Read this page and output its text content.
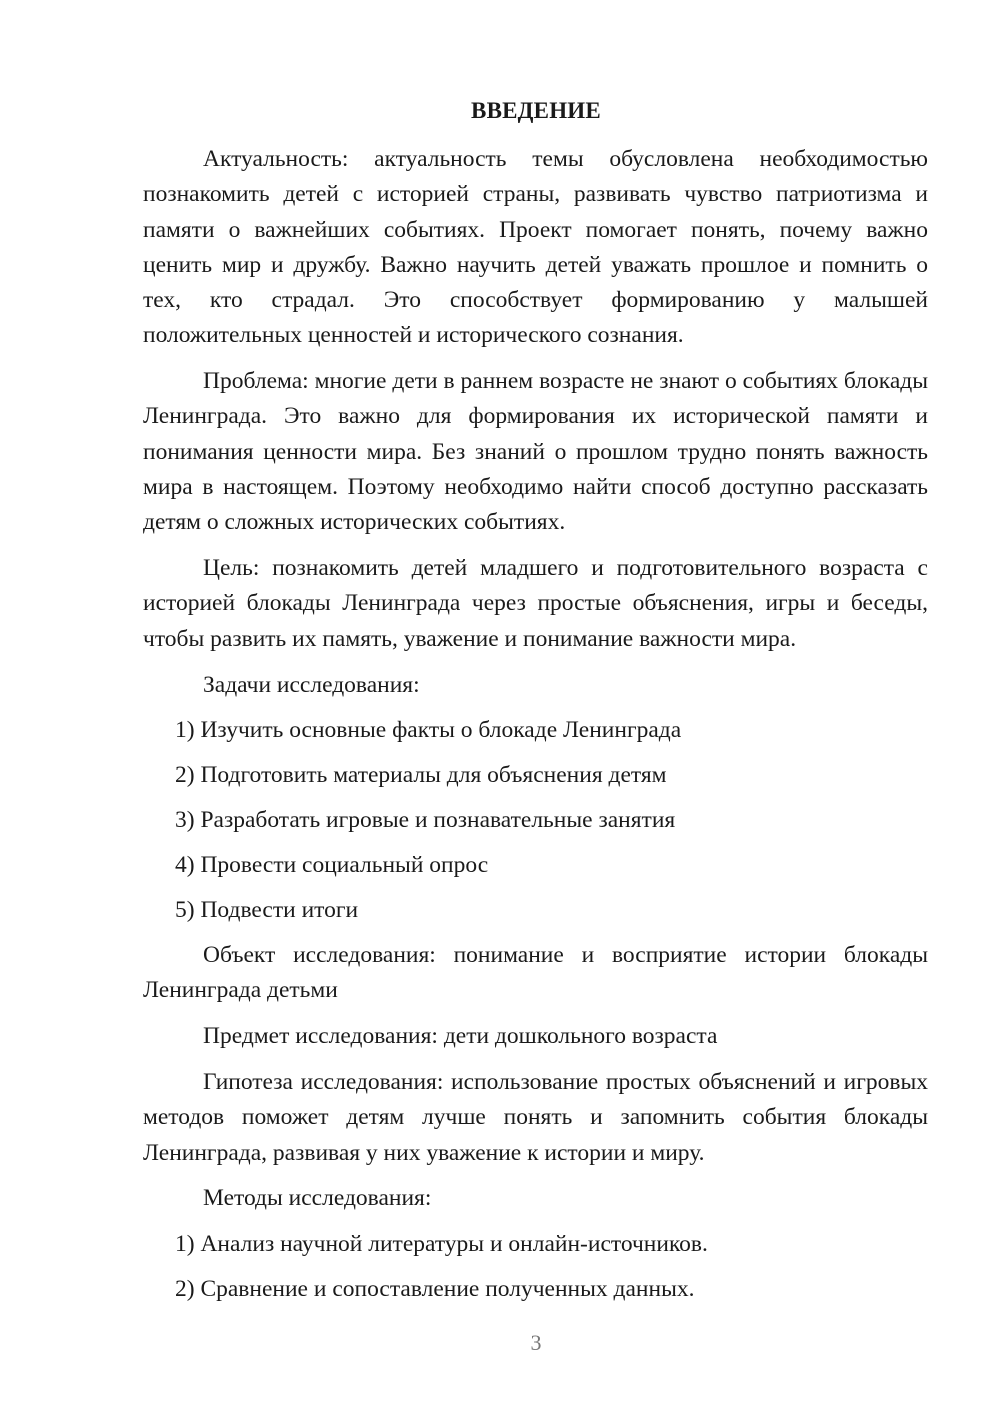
ВВЕДЕНИЕ

Актуальность: актуальность темы обусловлена необходимостью познакомить детей с историей страны, развивать чувство патриотизма и памяти о важнейших событиях. Проект помогает понять, почему важно ценить мир и дружбу. Важно научить детей уважать прошлое и помнить о тех, кто страдал. Это способствует формированию у малышей положительных ценностей и исторического сознания.

Проблема: многие дети в раннем возрасте не знают о событиях блокады Ленинграда. Это важно для формирования их исторической памяти и понимания ценности мира. Без знаний о прошлом трудно понять важность мира в настоящем. Поэтому необходимо найти способ доступно рассказать детям о сложных исторических событиях.

Цель: познакомить детей младшего и подготовительного возраста с историей блокады Ленинграда через простые объяснения, игры и беседы, чтобы развить их память, уважение и понимание важности мира.

Задачи исследования:

1) Изучить основные факты о блокаде Ленинграда

2) Подготовить материалы для объяснения детям

3) Разработать игровые и познавательные занятия

4) Провести социальный опрос

5) Подвести итоги

Объект исследования: понимание и восприятие истории блокады Ленинграда детьми

Предмет исследования: дети дошкольного возраста

Гипотеза исследования: использование простых объяснений и игровых методов поможет детям лучше понять и запомнить события блокады Ленинграда, развивая у них уважение к истории и миру.

Методы исследования:

1) Анализ научной литературы и онлайн-источников.

2) Сравнение и сопоставление полученных данных.

3
